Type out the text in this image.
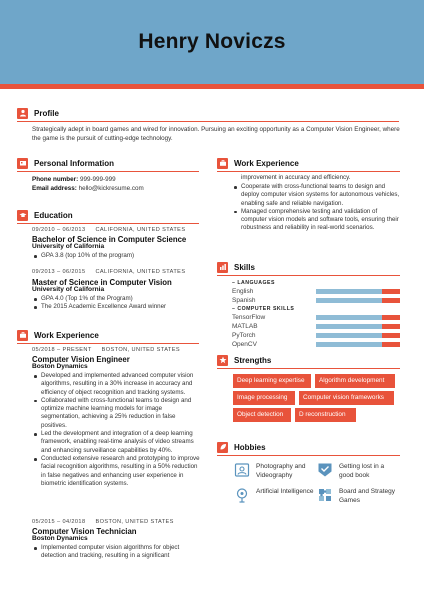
Henry Noviczs
Profile
Strategically adept in board games and wired for innovation. Pursuing an exciting opportunity as a Computer Vision Engineer, where the game is the pursuit of cutting-edge technology.
Personal Information
Phone number: 999-999-999
Email address: hello@kickresume.com
Education
09/2010 – 06/2013 CALIFORNIA, UNITED STATES
Bachelor of Science in Computer Science
University of California
GPA 3.8 (top 10% of the program)
09/2013 – 06/2015 CALIFORNIA, UNITED STATES
Master of Science in Computer Vision
University of California
GPA 4.0 (Top 1% of the Program)
The 2015 Academic Excellence Award winner
Work Experience
05/2018 – PRESENT BOSTON, UNITED STATES
Computer Vision Engineer
Boston Dynamics
Developed and implemented advanced computer vision algorithms, resulting in a 30% increase in accuracy and efficiency of object recognition and tracking systems.
Collaborated with cross-functional teams to design and optimize machine learning models for image segmentation, achieving a 25% reduction in false positives.
Led the development and integration of a deep learning framework, enabling real-time analysis of video streams and enhancing surveillance capabilities by 40%.
Conducted extensive research and prototyping to improve facial recognition algorithms, resulting in a 50% reduction in false negatives and enhancing user experience in biometric identification systems.
05/2015 – 04/2018 BOSTON, UNITED STATES
Computer Vision Technician
Boston Dynamics
Implemented computer vision algorithms for object detection and tracking, resulting in a significant
Work Experience
improvement in accuracy and efficiency.
Cooperate with cross-functional teams to design and deploy computer vision systems for autonomous vehicles, enabling safe and reliable navigation.
Managed comprehensive testing and validation of computer vision models and software tools, ensuring their robustness and reliability in real-world scenarios.
Skills
– LANGUAGES
English
Spanish
– COMPUTER SKILLS
TensorFlow
MATLAB
PyTorch
OpenCV
Strengths
Deep learning expertise	Algorithm development
Image processing	Computer vision frameworks
Object detection	D reconstruction
Hobbies
Photography and Videography
Getting lost in a good book
Artificial Intelligence	Board and Strategy Games
